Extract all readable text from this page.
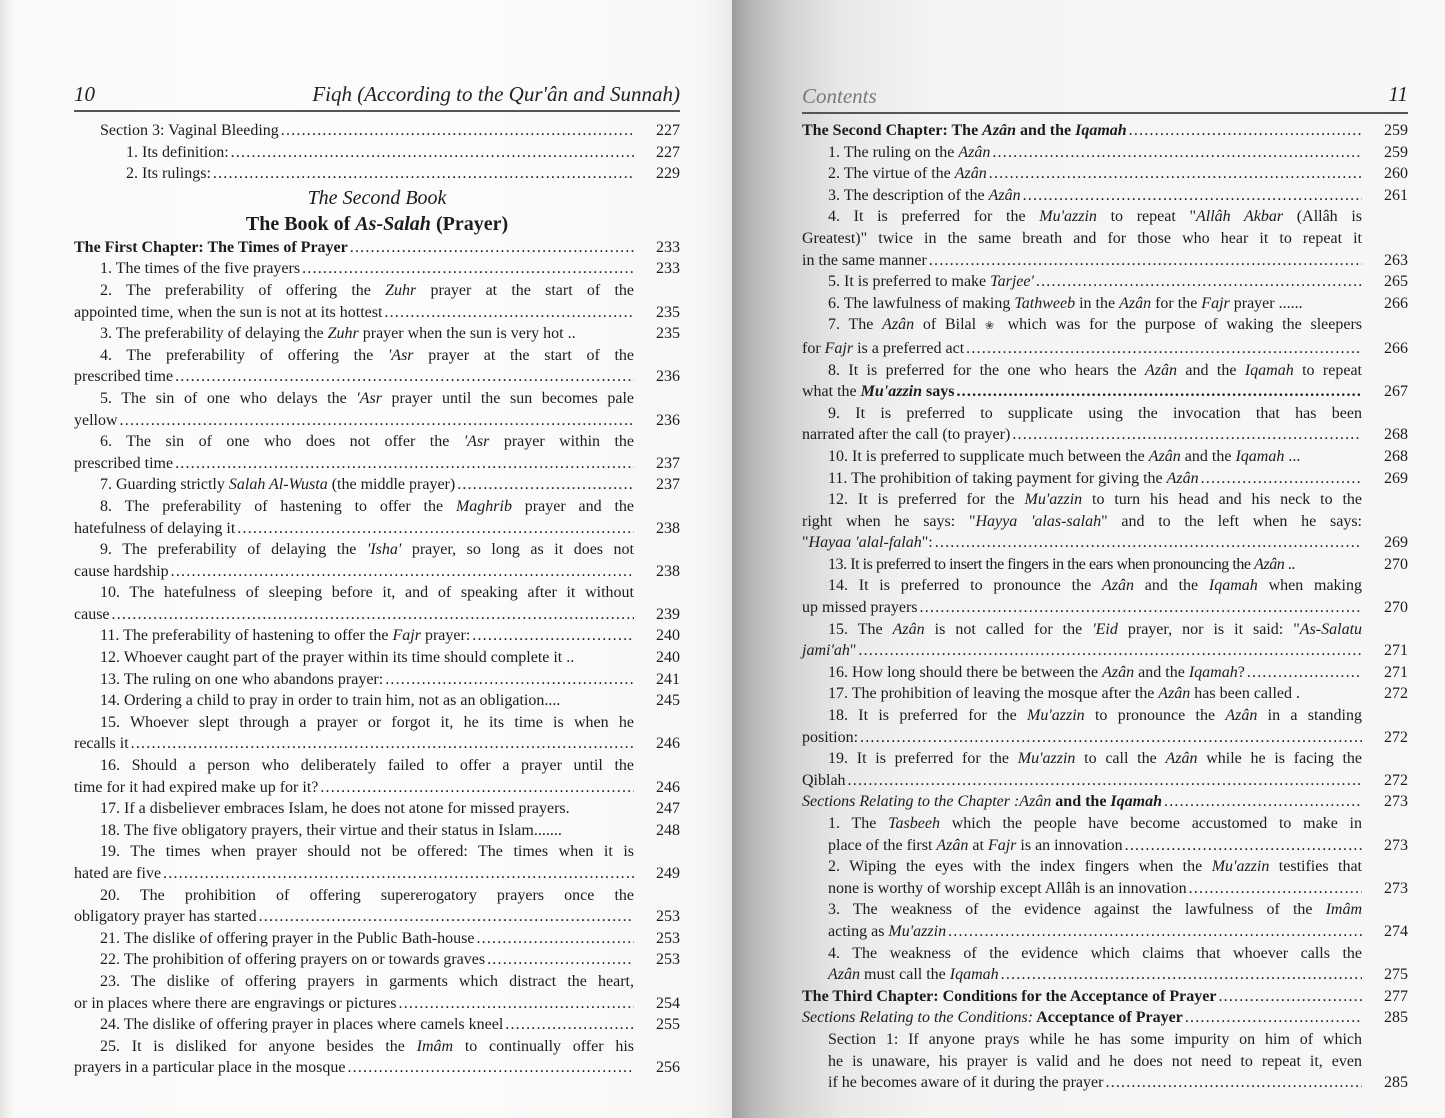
10	Fiqh (According to the Qur'ân and Sunnah)
Section 3: Vaginal Bleeding .....	227
1. Its definition: .....	227
2. Its rulings: .....	229
The Second Book
The Book of As-Salah (Prayer)
The First Chapter: The Times of Prayer .....	233
1. The times of the five prayers .....	233
2. The preferability of offering the Zuhr prayer at the start of the
appointed time, when the sun is not at its hottest .....	235
3. The preferability of delaying the Zuhr prayer when the sun is very hot ..	235
4. The preferability of offering the 'Asr prayer at the start of the
prescribed time .....	236
5. The sin of one who delays the 'Asr prayer until the sun becomes pale
yellow .....	236
6. The sin of one who does not offer the 'Asr prayer within the
prescribed time .....	237
7. Guarding strictly Salah Al-Wusta (the middle prayer) .....	237
8. The preferability of hastening to offer the Maghrib prayer and the
hatefulness of delaying it .....	238
9. The preferability of delaying the 'Isha' prayer, so long as it does not
cause hardship .....	238
10. The hatefulness of sleeping before it, and of speaking after it without
cause .....	239
11. The preferability of hastening to offer the Fajr prayer: .....	240
12. Whoever caught part of the prayer within its time should complete it ..	240
13. The ruling on one who abandons prayer: .....	241
14. Ordering a child to pray in order to train him, not as an obligation....	245
15. Whoever slept through a prayer or forgot it, he its time is when he
recalls it .....	246
16. Should a person who deliberately failed to offer a prayer until the
time for it had expired make up for it? .....	246
17. If a disbeliever embraces Islam, he does not atone for missed prayers.	247
18. The five obligatory prayers, their virtue and their status in Islam.......	248
19. The times when prayer should not be offered: The times when it is
hated are five .....	249
20. The prohibition of offering supererogatory prayers once the
obligatory prayer has started .....	253
21. The dislike of offering prayer in the Public Bath-house .....	253
22. The prohibition of offering prayers on or towards graves .....	253
23. The dislike of offering prayers in garments which distract the heart,
or in places where there are engravings or pictures .....	254
24. The dislike of offering prayer in places where camels kneel .....	255
25. It is disliked for anyone besides the Imâm to continually offer his
prayers in a particular place in the mosque .....	256
Contents	11
The Second Chapter: The Azân and the Iqamah .....	259
1. The ruling on the Azân .....	259
2. The virtue of the Azân .....	260
3. The description of the Azân .....	261
4. It is preferred for the Mu'azzin to repeat "Allâh Akbar (Allâh is
Greatest)" twice in the same breath and for those who hear it to repeat it
in the same manner .....	263
5. It is preferred to make Tarjee' .....	265
6. The lawfulness of making Tathweeb in the Azân for the Fajr prayer ......	266
7. The Azân of Bilal ❀ which was for the purpose of waking the sleepers
for Fajr is a preferred act .....	266
8. It is preferred for the one who hears the Azân and the Iqamah to repeat
what the Mu'azzin says .....	267
9. It is preferred to supplicate using the invocation that has been
narrated after the call (to prayer) .....	268
10. It is preferred to supplicate much between the Azân and the Iqamah ...	268
11. The prohibition of taking payment for giving the Azân .....	269
12. It is preferred for the Mu'azzin to turn his head and his neck to the
right when he says: "Hayya 'alas-salah" and to the left when he says:
"Hayaa 'alal-falah": .....	269
13. It is preferred to insert the fingers in the ears when pronouncing the Azân ..	270
14. It is preferred to pronounce the Azân and the Iqamah when making
up missed prayers .....	270
15. The Azân is not called for the 'Eid prayer, nor is it said: "As-Salatu
jami'ah" .....	271
16. How long should there be between the Azân and the Iqamah? .....	271
17. The prohibition of leaving the mosque after the Azân has been called .	272
18. It is preferred for the Mu'azzin to pronounce the Azân in a standing
position: .....	272
19. It is preferred for the Mu'azzin to call the Azân while he is facing the
Qiblah .....	272
Sections Relating to the Chapter :Azân and the Iqamah .....	273
1. The Tasbeeh which the people have become accustomed to make in
place of the first Azân at Fajr is an innovation .....	273
2. Wiping the eyes with the index fingers when the Mu'azzin testifies that
none is worthy of worship except Allâh is an innovation .....	273
3. The weakness of the evidence against the lawfulness of the Imâm
acting as Mu'azzin .....	274
4. The weakness of the evidence which claims that whoever calls the
Azân must call the Iqamah .....	275
The Third Chapter: Conditions for the Acceptance of Prayer .....	277
Sections Relating to the Conditions: Acceptance of Prayer .....	285
Section 1: If anyone prays while he has some impurity on him of which
he is unaware, his prayer is valid and he does not need to repeat it, even
if he becomes aware of it during the prayer .....	285
